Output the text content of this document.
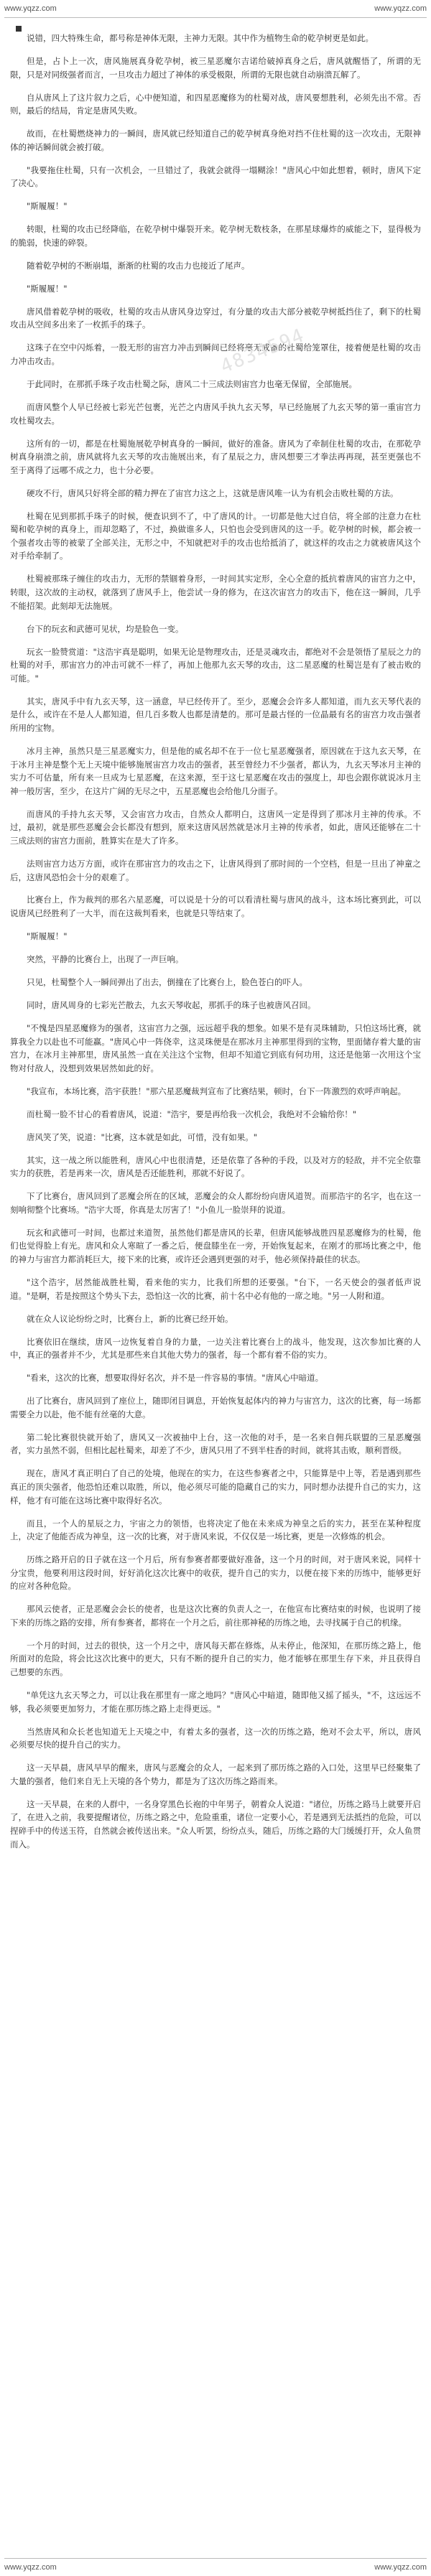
www.yqzz.com	www.yqzz.com
4834594

说错，四大特殊生命，都号称是神体无限，主神力无限。其中作为植物生命的乾孕树更是如此。

但是，占卜上一次，唐风施展真身乾孕树，被三星恶魔尔吉诺给破掉真身之后，唐风就醒悟了，所谓的无限，只是对同级强者而言，一旦攻击力超过了神体的承受极限，所谓的无限也就自动崩溃瓦解了。

自从唐风上了这片叙力之后，心中便知道，和四星恶魔修为的杜蜀对战，唐风要想胜利，必须先出不常。否则，最后的结局，肯定是唐风失败。

故而，在杜蜀燃烧神力的一瞬间，唐风就已经知道自己的乾孕树真身绝对挡不住杜蜀的这一次攻击，无限神体的神话瞬间就会被打破。

"我要拖住杜蜀，只有一次机会，一旦错过了，我就会就得一塌糊涂！"唐风心中如此想着，顿时，唐风下定了决心。

"斯履履！"

转眼，杜蜀的攻击已经降临，在乾孕树中爆裂开来。乾孕树无数枝条，在那星球爆炸的威能之下，显得极为的脆弱，快速的碎裂。

随着乾孕树的不断崩塌，渐渐的杜蜀的攻击力也接近了尾声。

"斯履履！"

唐风借着乾孕树的吸收，杜蜀的攻击从唐风身边穿过，有分量的攻击大部分被乾孕树抵挡住了，剩下的杜蜀攻击从空间多出来了一枚抓手的珠子。

这珠子在空中闪烁着，一股无形的宙宫力冲击到瞬间已经将毫无戒备的杜蜀给笼罩住，接着便是杜蜀的攻击力冲击攻击。

于此同时，在那抓手珠子攻击杜蜀之际，唐风二十三成法则宙宫力也毫无保留，全部施展。

而唐风整个人早已经被七彩光芒包裹，光芒之内唐风手执九玄天琴，早已经施展了九玄天琴的第一重宙宫力攻杜蜀攻去。

这所有的一切，都是在杜蜀施展乾孕树真身的一瞬间，做好的准备。唐风为了牵制住杜蜀的攻击，在那乾孕树真身崩溃之前，唐风就将九玄天琴的攻击施展出来，有了星辰之力，唐风想要三才拳法再再现，甚至更强也不至于离得了远哪不成之力，也十分必要。

硬攻不行，唐风只好将全部的精力押在了宙宫力这之上，这就是唐风唯一认为有机会击败杜蜀的方法。

杜蜀在见到那抓手珠子的时候，便查识到不了，中了唐风的计。一切都是他大过自信，将全部的注意力在杜蜀和乾孕树的真身上，而却忽略了，不过，换做谁多人，只怕也会受到唐风的这一手。乾孕树的时候，都会被一个强者攻击等的被蒙了全部关注，无形之中，不知就把对手的攻击也给抵消了，就这样的攻击之力就被唐风这个对手给牵制了。

杜蜀被那珠子缠住的攻击力，无形的禁锢着身形，一时间其实定形，全心全意的抵抗着唐风的宙宫力之中，转眼，这次故的主动权，就落到了唐风手上，他尝试一身的修为，在这次宙宫力的攻击下，他在这一瞬间，几乎不能招架。此刻却无法施展。

台下的玩玄和武德可见状，均是脸色一变。

玩玄一脸赞赏道："这浩宇真是聪明，如果无论是物理攻击，还是灵魂攻击，都绝对不会是领悟了星辰之力的杜蜀的对手，那宙宫力的冲击可就不一样了，再加上他那九玄天琴的攻击，这二星恶魔的杜蜀岂是有了被击败的可能。"

其实，唐风手中有九玄天琴，这一涵意，早已经传开了。至少，恶魔会会许多人都知道，而九玄天琴代表的是什么，或许在不是人人都知道，但几百多数人也都是清楚的。那可是最古怪的一位晶最有名的宙宫力攻击强者所用的宝物。

冰月主神，虽然只是三星恶魔实力，但是他的威名却不在于一位七星恶魔强者，原因就在于这九玄天琴，在于冰月主神是整个无上天境中能够施展宙宫力攻击的强者，甚至曾经力不少强者，都认为，九玄天琴冰月主神的实力不可估量，所有来一旦成为七星恶魔，在这来源，至于这七星恶魔在攻击的强度上，却也会跟你就说冰月主神一般厉害，至少，在这片广阔的无尽之中，五星恶魔也会给他几分面子。

而唐风的手持九玄天琴，又会宙宫力攻击，自然众人都明白，这唐风一定是得到了那冰月主神的传承。不过，最初，就是那些恶魔会会长都没有想到，原来这唐风居然就是冰月主神的传承者，如此，唐风还能够在二十三成法则的宙宫力面前，胜算实在是大了许多。

法则宙宫力达万方面，或许在那宙宫力的攻击之下，让唐风得到了那时间的一个空档，但是一旦出了神童之后，这唐风恐怕会十分的艰难了。

比赛台上，作为裁判的那名六星恶魔，可以说是十分的可以看清杜蜀与唐风的战斗，这本场比赛到此，可以说唐风已经胜利了一大半，而在这裁判看来，也就是只等结束了。

"斯履履！"

突然，平静的比赛台上，出现了一声巨响。

只见，杜蜀整个人一瞬间弹出了出去，倒撞在了比赛台上，脸色苍白的吓人。

同时，唐风周身的七彩光芒散去，九玄天琴收起，那抓手的珠子也被唐风召回。

"不愧是四星恶魔修为的强者，这宙宫力之强，远远超乎我的想象。如果不是有灵珠辅助，只怕这场比赛，就算我全力以赴也不可能赢。"唐风心中一阵侥幸，这灵珠便是在那冰月主神那里得到的宝物，里面储存着大量的宙宫力，在冰月主神那里，唐风虽然一直在关注这个宝物，但却不知道它到底有何功用，这还是他第一次用这个宝物对付敌人，没想到效果居然如此的好。

"我宣布，本场比赛，浩宇获胜！"那六星恶魔裁判宣布了比赛结果，顿时，台下一阵激烈的欢呼声响起。

而杜蜀一脸不甘心的看着唐风，说道："浩宇，要是再给我一次机会，我绝对不会输给你！"

唐风笑了笑，说道："比赛，这本就是如此，可惜，没有如果。"

其实，这一战之所以能胜利，唐风心中也很清楚，还是依靠了各种的手段，以及对方的轻敌，并不完全依靠实力的获胜，若是再来一次，唐风是否还能胜利，那就不好说了。

下了比赛台，唐风回到了恶魔会所在的区域，恶魔会的众人都纷纷向唐风道贺。而那浩宇的名字，也在这一刻响彻整个比赛场。"浩宇大哥，你真是太厉害了！"小鱼儿一脸崇拜的说道。

玩玄和武德可一时间，也都过来道贺，虽然他们都是唐风的长辈，但唐风能够战胜四星恶魔修为的杜蜀，他们也觉得脸上有光。唐风和众人寒暄了一番之后，便盘膝坐在一旁，开始恢复起来，在刚才的那场比赛之中，他的神力与宙宫力都消耗巨大，接下来的比赛，或许还会遇到更强的对手，他必须保持最佳的状态。

"这个浩宇，居然能战胜杜蜀，看来他的实力，比我们所想的还要强。"台下，一名天使会的强者低声说道。"是啊，若是按照这个势头下去，恐怕这一次的比赛，前十名中必有他的一席之地。"另一人附和道。

就在众人议论纷纷之时，比赛台上，新的比赛已经开始。

比赛依旧在继续，唐风一边恢复着自身的力量，一边关注着比赛台上的战斗，他发现，这次参加比赛的人中，真正的强者并不少，尤其是那些来自其他大势力的强者，每一个都有着不俗的实力。

"看来，这次的比赛，想要取得好名次，并不是一件容易的事情。"唐风心中暗道。

出了比赛台，唐风回到了座位上，随即闭目调息，开始恢复起体内的神力与宙宫力，这次的比赛，每一场都需要全力以赴，他不能有丝毫的大意。

第二轮比赛很快就开始了，唐风又一次被抽中上台，这一次他的对手，是一名来自佣兵联盟的三星恶魔强者，实力虽然不弱，但相比起杜蜀来，却差了不少，唐风只用了不到半柱香的时间，就将其击败，顺利晋级。

现在，唐风才真正明白了自己的处境，他现在的实力，在这些参赛者之中，只能算是中上等，若是遇到那些真正的顶尖强者，他恐怕还难以取胜，所以，他必须尽可能的隐藏自己的实力，同时想办法提升自己的实力，这样，他才有可能在这场比赛中取得好名次。

而且，一个人的星辰之力，宇宙之力的领悟，也将决定了他在未来成为神皇之后的实力，甚至在某种程度上，决定了他能否成为神皇，这一次的比赛，对于唐风来说，不仅仅是一场比赛，更是一次修炼的机会。

历练之路开启的日子就在这一个月后，所有参赛者都要做好准备，这一个月的时间，对于唐风来说，同样十分宝贵，他要利用这段时间，好好消化这次比赛中的收获，提升自己的实力，以便在接下来的历练中，能够更好的应对各种危险。

那风云使者，正是恶魔会会长的使者，也是这次比赛的负责人之一，在他宣布比赛结束的时候，也说明了接下来的历练之路的安排，所有参赛者，都将在一个月之后，前往那神秘的历练之地，去寻找属于自己的机缘。

一个月的时间，过去的很快，这一个月之中，唐风每天都在修炼，从未停止，他深知，在那历练之路上，他所面对的危险，将会比这次比赛中的更大，只有不断的提升自己的实力，他才能够在那里生存下来，并且获得自己想要的东西。

"单凭这九玄天琴之力，可以让我在那里有一席之地吗？"唐风心中暗道，随即他又摇了摇头，"不，这远远不够，我必须要更加努力，才能在那历练之路上走得更远。"

当然唐风和众长老也知道无上天境之中，有着太多的强者，这一次的历练之路，绝对不会太平，所以，唐风必须要尽快的提升自己的实力。

这一天早晨，唐风早早的醒来，唐风与恶魔会的众人，一起来到了那历练之路的入口处，这里早已经聚集了大量的强者，他们来自无上天境的各个势力，都是为了这次历练之路而来。

这一天早晨，在来的人群中，一名身穿黑色长袍的中年男子，朝着众人说道："诸位，历练之路马上就要开启了，在进入之前，我要提醒诸位，历练之路之中，危险重重，诸位一定要小心，若是遇到无法抵挡的危险，可以捏碎手中的传送玉符，自然就会被传送出来。"众人听罢，纷纷点头，随后，历练之路的大门缓缓打开，众人鱼贯而入。

www.yqzz.com	www.yqzz.com
